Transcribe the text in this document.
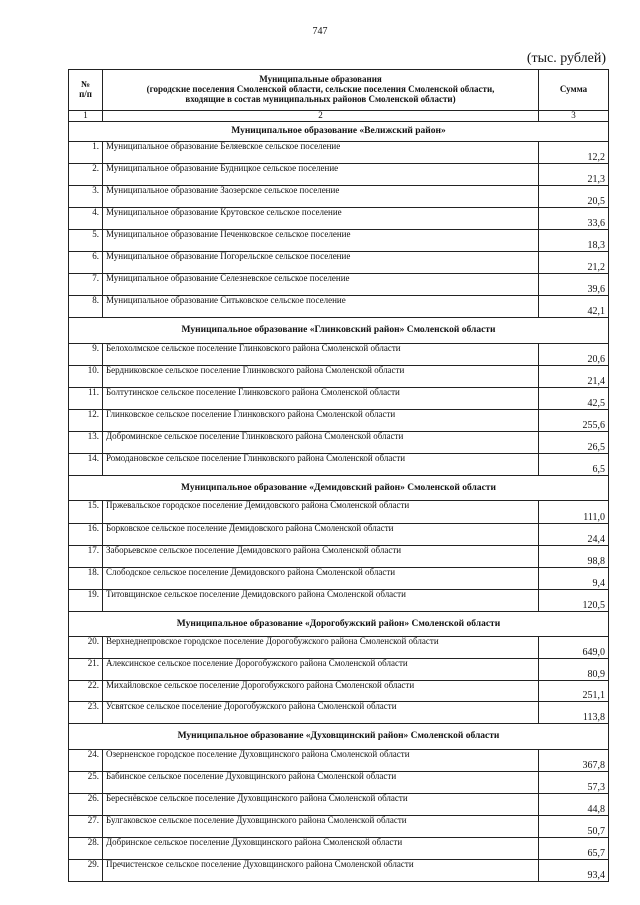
747
(тыс. рублей)
№
п/п	Муниципальные образования
(городские поселения Смоленской области, сельские поселения Смоленской области,
входящие в состав муниципальных районов Смоленской области)	Сумма
1	2	3
Муниципальное образование «Велижский район»		
1.	Муниципальное образование Беляевское сельское поселение	12,2
2.	Муниципальное образование Будницкое сельское поселение	21,3
3.	Муниципальное образование Заозерское сельское поселение	20,5
4.	Муниципальное образование Крутовское сельское поселение	33,6
5.	Муниципальное образование Печенковское сельское поселение	18,3
6.	Муниципальное образование Погорельское сельское поселение	21,2
7.	Муниципальное образование Селезневское сельское поселение	39,6
8.	Муниципальное образование Ситьковское сельское поселение	42,1
Муниципальное образование «Глинковский район» Смоленской области		
9.	Белохолмское сельское поселение Глинковского района Смоленской области	20,6
10.	Бердниковское сельское поселение Глинковского района Смоленской области	21,4
11.	Болтутинское сельское поселение Глинковского района Смоленской области	42,5
12.	Глинковское сельское поселение Глинковского района Смоленской области	255,6
13.	Доброминское сельское поселение Глинковского района Смоленской области	26,5
14.	Ромодановское сельское поселение Глинковского района Смоленской области	6,5
Муниципальное образование «Демидовский район» Смоленской области		
15.	Пржевальское городское поселение Демидовского района Смоленской области	111,0
16.	Борковское сельское поселение Демидовского района Смоленской области	24,4
17.	Заборьевское сельское поселение Демидовского района Смоленской области	98,8
18.	Слободское сельское поселение Демидовского района Смоленской области	9,4
19.	Титовщинское сельское поселение Демидовского района Смоленской области	120,5
Муниципальное образование «Дорогобужский район» Смоленской области		
20.	Верхнеднепровское городское поселение Дорогобужского района Смоленской области	649,0
21.	Алексинское сельское поселение Дорогобужского района Смоленской области	80,9
22.	Михайловское сельское поселение Дорогобужского района Смоленской области	251,1
23.	Усвятское сельское поселение Дорогобужского района Смоленской области	113,8
Муниципальное образование «Духовщинский район» Смоленской области		
24.	Озерненское городское поселение Духовщинского района Смоленской области	367,8
25.	Бабинское сельское поселение Духовщинского района Смоленской области	57,3
26.	Береснёвское сельское поселение Духовщинского района Смоленской области	44,8
27.	Булгаковское сельское поселение Духовщинского района Смоленской области	50,7
28.	Добринское сельское поселение Духовщинского района Смоленской области	65,7
29.	Пречистенское сельское поселение Духовщинского района Смоленской области	93,4
